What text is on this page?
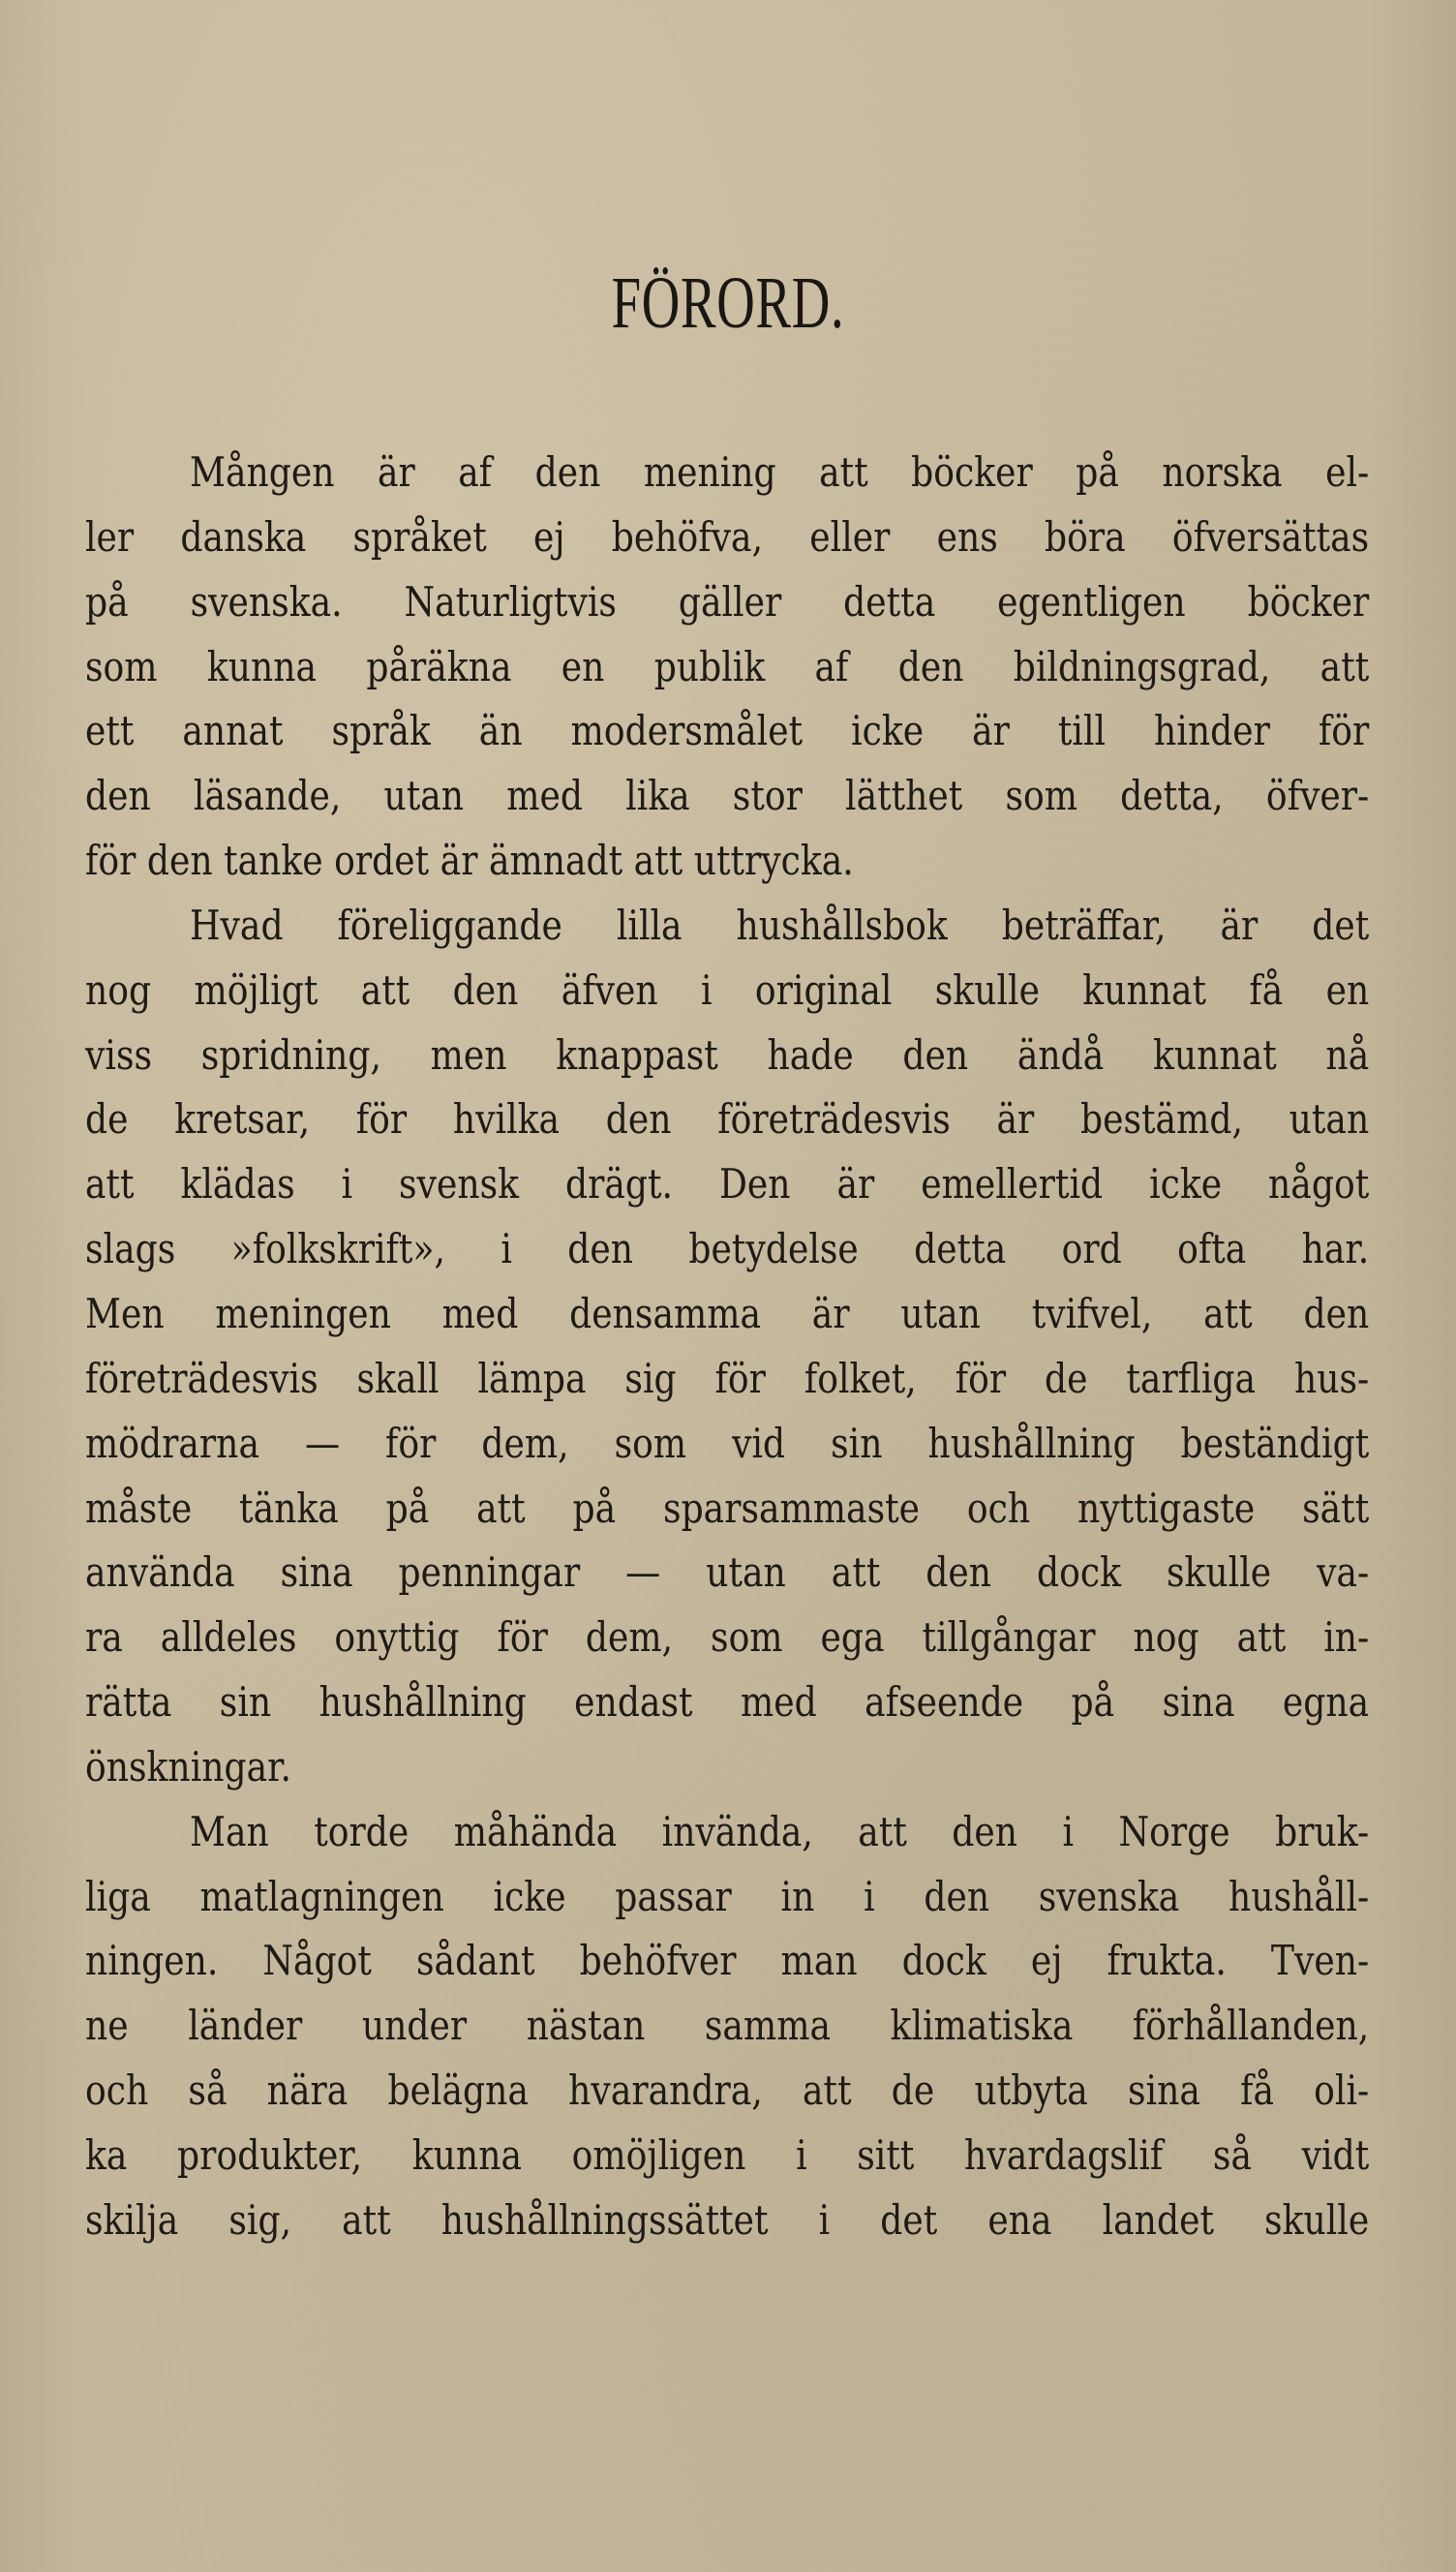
FÖRORD.
Mången är af den mening att böcker på norska el-
ler danska språket ej behöfva, eller ens böra öfversättas
på svenska. Naturligtvis gäller detta egentligen böcker
som kunna påräkna en publik af den bildningsgrad, att
ett annat språk än modersmålet icke är till hinder för
den läsande, utan med lika stor lätthet som detta, öfver-
för den tanke ordet är ämnadt att uttrycka.
Hvad föreliggande lilla hushållsbok beträffar, är det
nog möjligt att den äfven i original skulle kunnat få en
viss spridning, men knappast hade den ändå kunnat nå
de kretsar, för hvilka den företrädesvis är bestämd, utan
att klädas i svensk drägt. Den är emellertid icke något
slags »folkskrift», i den betydelse detta ord ofta har.
Men meningen med densamma är utan tvifvel, att den
företrädesvis skall lämpa sig för folket, för de tarfliga hus-
mödrarna — för dem, som vid sin hushållning beständigt
måste tänka på att på sparsammaste och nyttigaste sätt
använda sina penningar — utan att den dock skulle va-
ra alldeles onyttig för dem, som ega tillgångar nog att in-
rätta sin hushållning endast med afseende på sina egna
önskningar.
Man torde måhända invända, att den i Norge bruk-
liga matlagningen icke passar in i den svenska hushåll-
ningen. Något sådant behöfver man dock ej frukta. Tven-
ne länder under nästan samma klimatiska förhållanden,
och så nära belägna hvarandra, att de utbyta sina få oli-
ka produkter, kunna omöjligen i sitt hvardagslif så vidt
skilja sig, att hushållningssättet i det ena landet skulle
